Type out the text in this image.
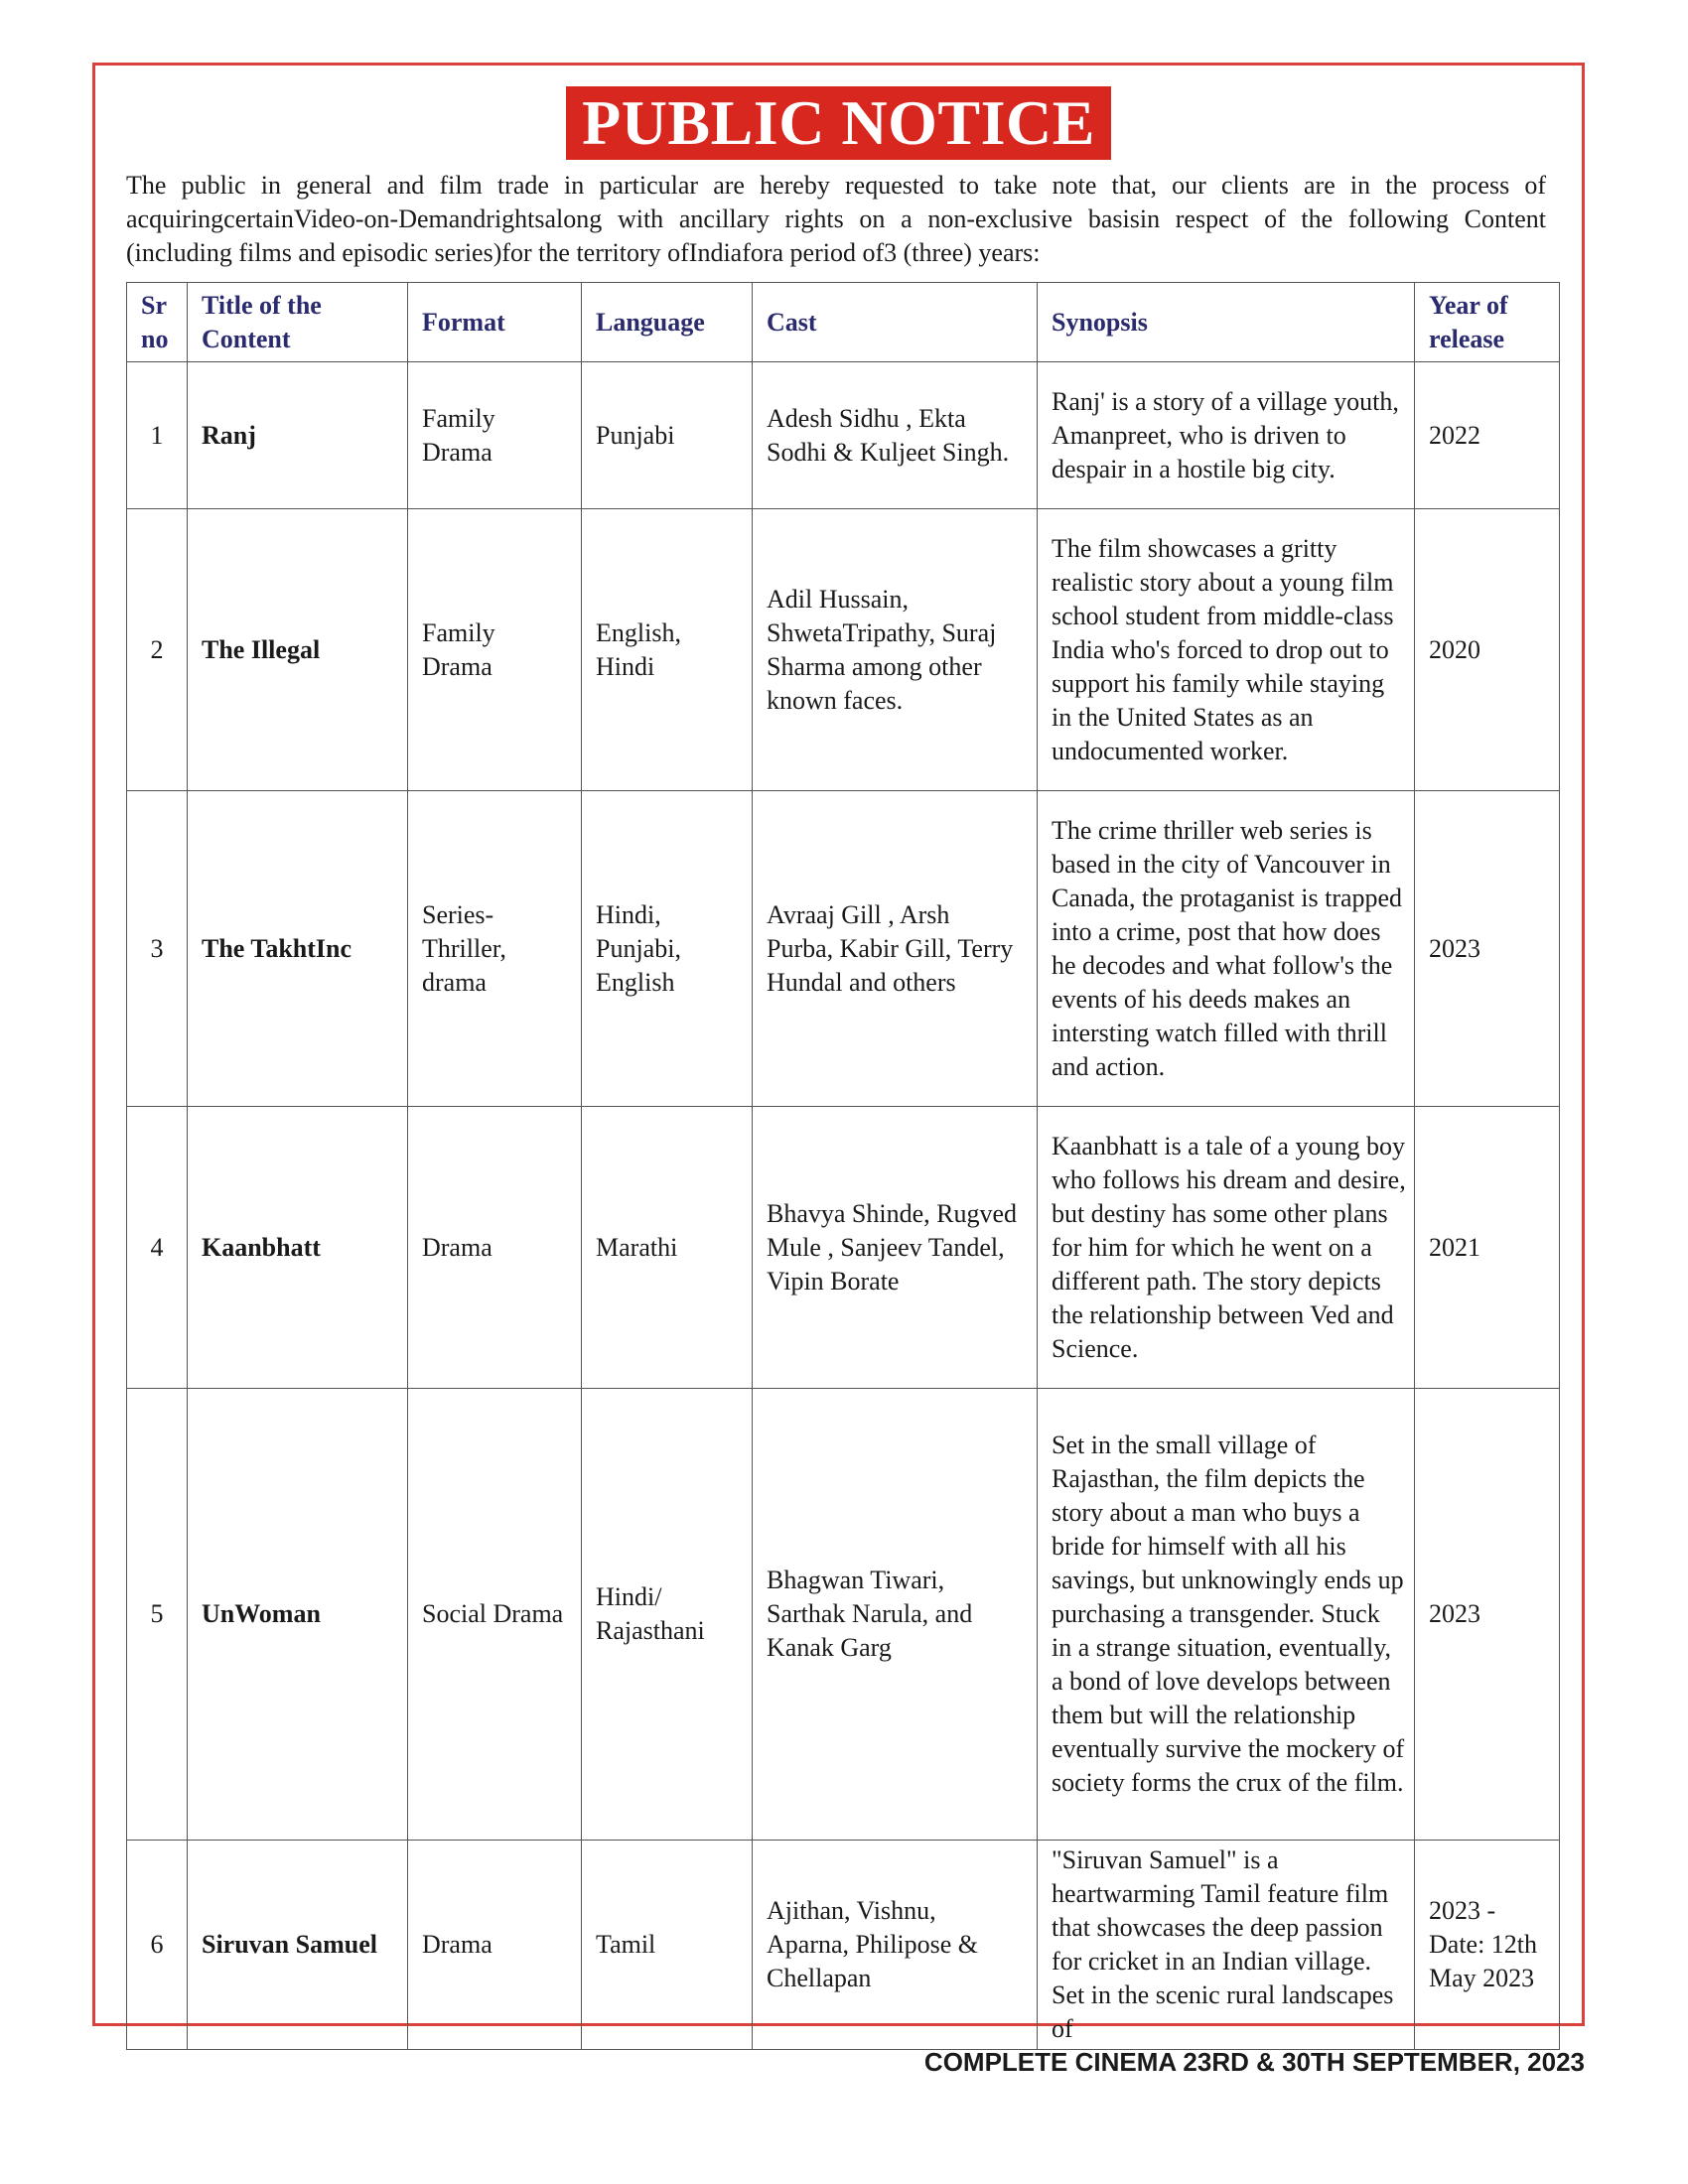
PUBLIC NOTICE

The public in general and film trade in particular are hereby requested to take note that, our clients are in the process of acquiringcertainVideo-on-Demandrightsalong with ancillary rights on a non-exclusive basisin respect of the following Content (including films and episodic series)for the territory ofIndiafora period of3 (three) years:

Sr no	Title of the Content	Format	Language	Cast	Synopsis	Year of release
1	Ranj	Family Drama	Punjabi	Adesh Sidhu , Ekta Sodhi & Kuljeet Singh.	Ranj' is a story of a village youth, Amanpreet, who is driven to despair in a hostile big city.	2022
2	The Illegal	Family Drama	English, Hindi	Adil Hussain, ShwetaTripathy, Suraj Sharma among other known faces.	The film showcases a gritty realistic story about a young film school student from middle-class India who's forced to drop out to support his family while staying in the United States as an undocumented worker.	2020
3	The TakhtInc	Series-Thriller, drama	Hindi, Punjabi, English	Avraaj Gill , Arsh Purba, Kabir Gill, Terry Hundal and others	The crime thriller web series is based in the city of Vancouver in Canada, the protaganist is trapped into a crime, post that how does he decodes and what follow's the events of his deeds makes an intersting watch filled with thrill and action.	2023
4	Kaanbhatt	Drama	Marathi	Bhavya Shinde, Rugved Mule , Sanjeev Tandel, Vipin Borate	Kaanbhatt is a tale of a young boy who follows his dream and desire, but destiny has some other plans for him for which he went on a different path. The story depicts the relationship between Ved and Science.	2021
5	UnWoman	Social Drama	Hindi/ Rajasthani	Bhagwan Tiwari, Sarthak Narula, and Kanak Garg	Set in the small village of Rajasthan, the film depicts the story about a man who buys a bride for himself with all his savings, but unknowingly ends up purchasing a transgender. Stuck in a strange situation, eventually, a bond of love develops between them but will the relationship eventually survive the mockery of society forms the crux of the film.	2023
6	Siruvan Samuel	Drama	Tamil	Ajithan, Vishnu, Aparna, Philipose & Chellapan	"Siruvan Samuel" is a heartwarming Tamil feature film that showcases the deep passion for cricket in an Indian village. Set in the scenic rural landscapes of	2023 - Date: 12th May 2023
COMPLETE CINEMA 23RD & 30TH SEPTEMBER, 2023
